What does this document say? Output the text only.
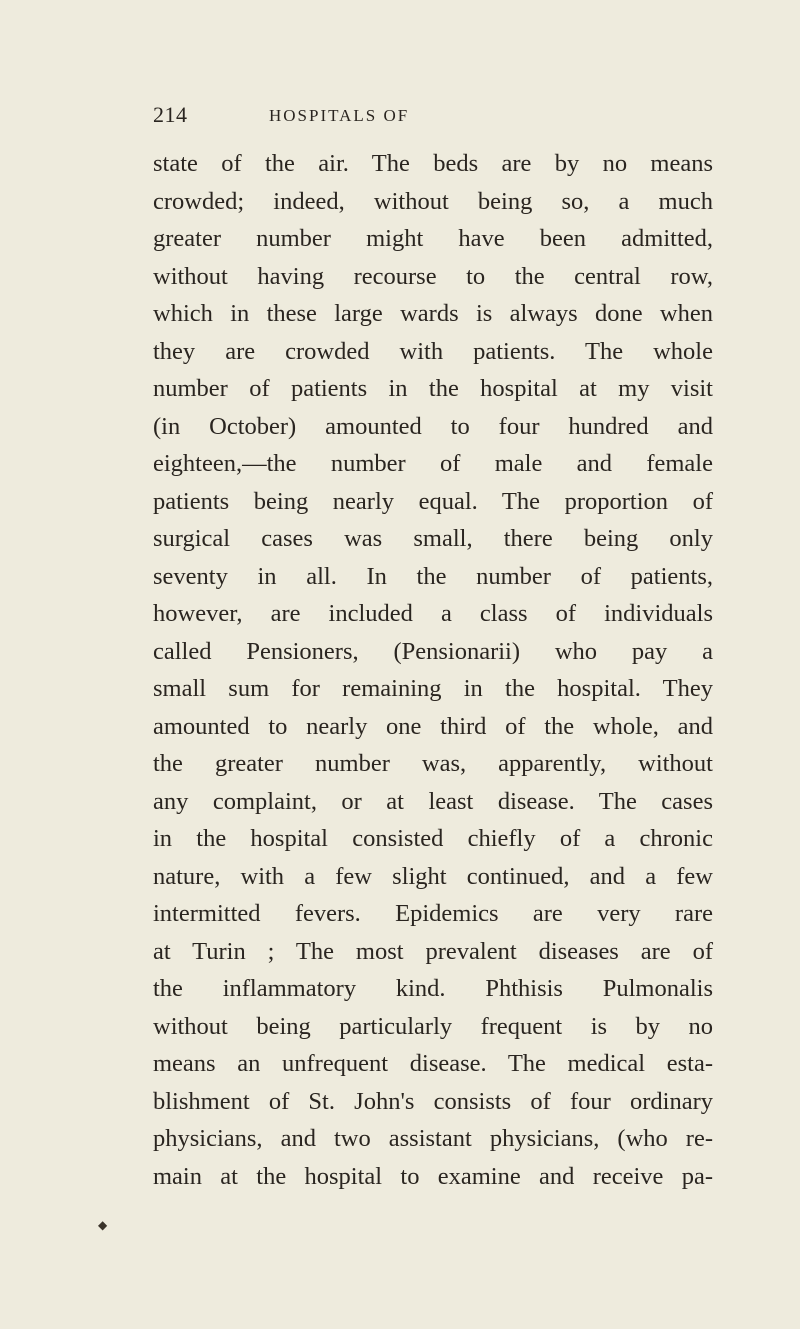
214	HOSPITALS OF
state of the air. The beds are by no means
crowded; indeed, without being so, a much
greater number might have been admitted,
without having recourse to the central row,
which in these large wards is always done when
they are crowded with patients. The whole
number of patients in the hospital at my visit
(in October) amounted to four hundred and
eighteen,—the number of male and female
patients being nearly equal. The proportion of
surgical cases was small, there being only
seventy in all. In the number of patients,
however, are included a class of individuals
called Pensioners, (Pensionarii) who pay a
small sum for remaining in the hospital. They
amounted to nearly one third of the whole, and
the greater number was, apparently, without
any complaint, or at least disease. The cases
in the hospital consisted chiefly of a chronic
nature, with a few slight continued, and a few
intermitted fevers. Epidemics are very rare
at Turin ; The most prevalent diseases are of
the inflammatory kind. Phthisis Pulmonalis
without being particularly frequent is by no
means an unfrequent disease. The medical esta-
blishment of St. John's consists of four ordinary
physicians, and two assistant physicians, (who re-
main at the hospital to examine and receive pa-
◆
